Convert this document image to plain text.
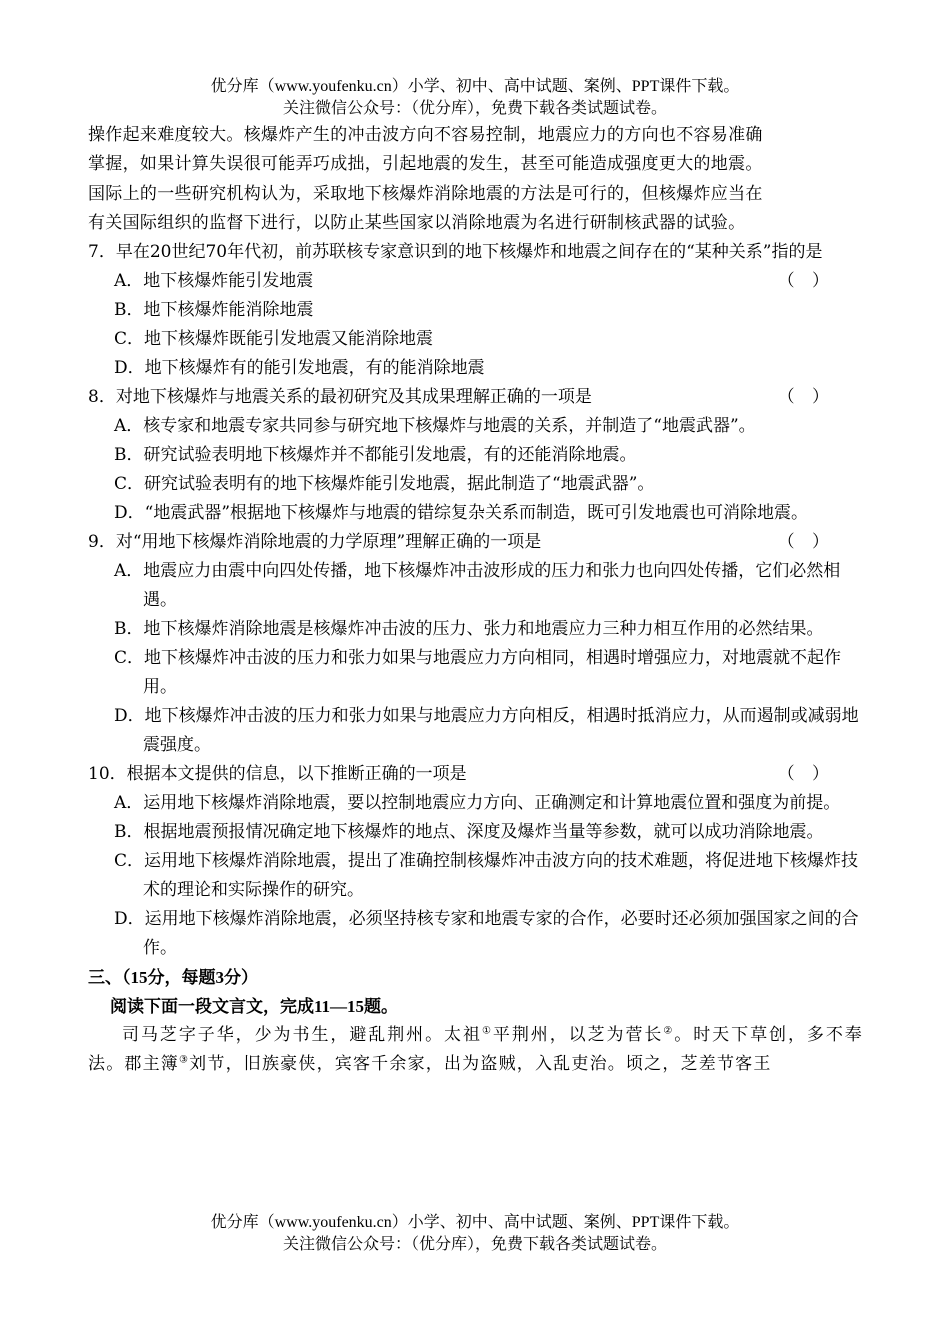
优分库（www.youfenku.cn）小学、初中、高中试题、案例、PPT课件下载。
关注微信公众号：（优分库），免费下载各类试题试卷。
操作起来难度较大。核爆炸产生的冲击波方向不容易控制，地震应力的方向也不容易准确
掌握，如果计算失误很可能弄巧成拙，引起地震的发生，甚至可能造成强度更大的地震。
国际上的一些研究机构认为，采取地下核爆炸消除地震的方法是可行的，但核爆炸应当在
有关国际组织的监督下进行，以防止某些国家以消除地震为名进行研制核武器的试验。
7．早在20世纪70年代初，前苏联核专家意识到的地下核爆炸和地震之间存在的“某种关系”指的是
（ ）
A．地下核爆炸能引发地震
B．地下核爆炸能消除地震
C．地下核爆炸既能引发地震又能消除地震
D．地下核爆炸有的能引发地震，有的能消除地震
8．对地下核爆炸与地震关系的最初研究及其成果理解正确的一项是	（ ）
A．核专家和地震专家共同参与研究地下核爆炸与地震的关系，并制造了“地震武器”。
B．研究试验表明地下核爆炸并不都能引发地震，有的还能消除地震。
C．研究试验表明有的地下核爆炸能引发地震，据此制造了“地震武器”。
D．“地震武器”根据地下核爆炸与地震的错综复杂关系而制造，既可引发地震也可消除地震。
9．对“用地下核爆炸消除地震的力学原理”理解正确的一项是	（ ）
A．地震应力由震中向四处传播，地下核爆炸冲击波形成的压力和张力也向四处传播，它们必然相遇。
B．地下核爆炸消除地震是核爆炸冲击波的压力、张力和地震应力三种力相互作用的必然结果。
C．地下核爆炸冲击波的压力和张力如果与地震应力方向相同，相遇时增强应力，对地震就不起作用。
D．地下核爆炸冲击波的压力和张力如果与地震应力方向相反，相遇时抵消应力，从而遏制或减弱地震强度。
10．根据本文提供的信息，以下推断正确的一项是	（ ）
A．运用地下核爆炸消除地震，要以控制地震应力方向、正确测定和计算地震位置和强度为前提。
B．根据地震预报情况确定地下核爆炸的地点、深度及爆炸当量等参数，就可以成功消除地震。
C．运用地下核爆炸消除地震，提出了准确控制核爆炸冲击波方向的技术难题，将促进地下核爆炸技术的理论和实际操作的研究。
D．运用地下核爆炸消除地震，必须坚持核专家和地震专家的合作，必要时还必须加强国家之间的合作。
三、（15分，每题3分）
阅读下面一段文言文，完成11—15题。
司马芝字子华，少为书生，避乱荆州。太祖①平荆州，以芝为菅长②。时天下草创，多不奉法。郡主簿③刘节，旧族豪侠，宾客千余家，出为盗贼，入乱吏治。顷之，芝差节客王
优分库（www.youfenku.cn）小学、初中、高中试题、案例、PPT课件下载。
关注微信公众号：（优分库），免费下载各类试题试卷。
